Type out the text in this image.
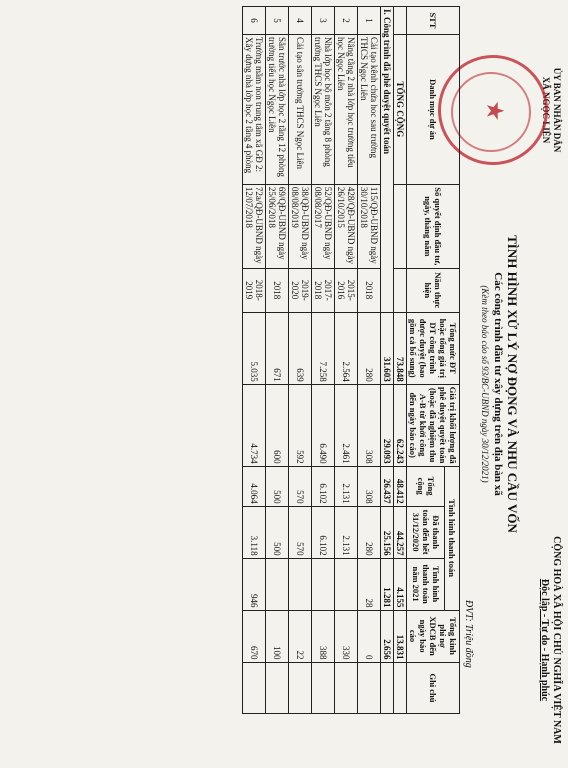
ỦY BAN NHÂN DÂN
XÃ NGỌC LIÊN
★
CỘNG HOÀ XÃ HỘI CHỦ NGHĨA VIỆT NAM
Độc lập - Tự do - Hạnh phúc
TÌNH HÌNH XỬ LÝ NỢ ĐỌNG VÀ NHU CẦU VỐN
Các công trình đầu tư xây dựng trên địa bàn xã
(Kèm theo báo cáo số 93/BC-UBND ngày 30/12/2021)
ĐVT: Triệu đồng
STT	Danh mục dự án	Số quyết định đầu tư, ngày, tháng năm	Năm thực hiện	Tổng mức ĐT hoặc tổng giá trị DT công trình được duyệt (bao gồm cả bổ sung)	Giá trị khối lượng đã phê duyệt quyết toán (hoặc đã nghiệm thu A-B từ khởi công đến ngày báo cáo)	Tình hình thanh toán			Tổng kinh phí nợ XDCB đến ngày báo cáo	Ghi chú	
						Tổng cộng	Đã thanh toán đến hết 31/12/2020	Tình hình thanh toán năm 2021			
	TỔNG CỘNG			73.848	62.243	48.412	44.257	4.155	13.831		
I. Công trình đã phê duyệt quyết toán				31.603	29.093	26.437	25.156	1.281	2.656		
1	Cải tạo kênh chứa hoc sau trường THCS Ngọc Liên	115/QĐ-UBND ngày 30/10/2018	2018	280	308	308	280	28	0		
2	Nâng tầng 2 nhà lớp học trường tiểu học Ngọc Liên	428/QĐ-UBND ngày 26/10/2015	2015-2016	2.564	2.461	2.131	2.131		330		
3	Nhà lớp học bộ môn 2 tầng 8 phòng trường THCS Ngọc Liên	52/QĐ-UBND ngày 08/08/2017	2017-2018	7.258	6.490	6.102	6.102		388		
4	Cải tạo sân trường THCS Ngọc Liên	38/QĐ-UBND ngày 08/08/2019	2019-2020	639	592	570	570		22		
5	Sân trước nhà lớp học 2 tầng 12 phòng trường tiểu học Ngọc Liên	69/QĐ-UBND ngày 25/06/2018	2018	671	600	500	500		100		
6	Trường mầm non trung tâm xã GĐ 2: Xây dựng nhà lớp học 2 tầng 4 phòng	72a/QĐ-UBND ngày 12/07/2018	2018-2019	5.035	4.734	4.064	3.118	946	670		
